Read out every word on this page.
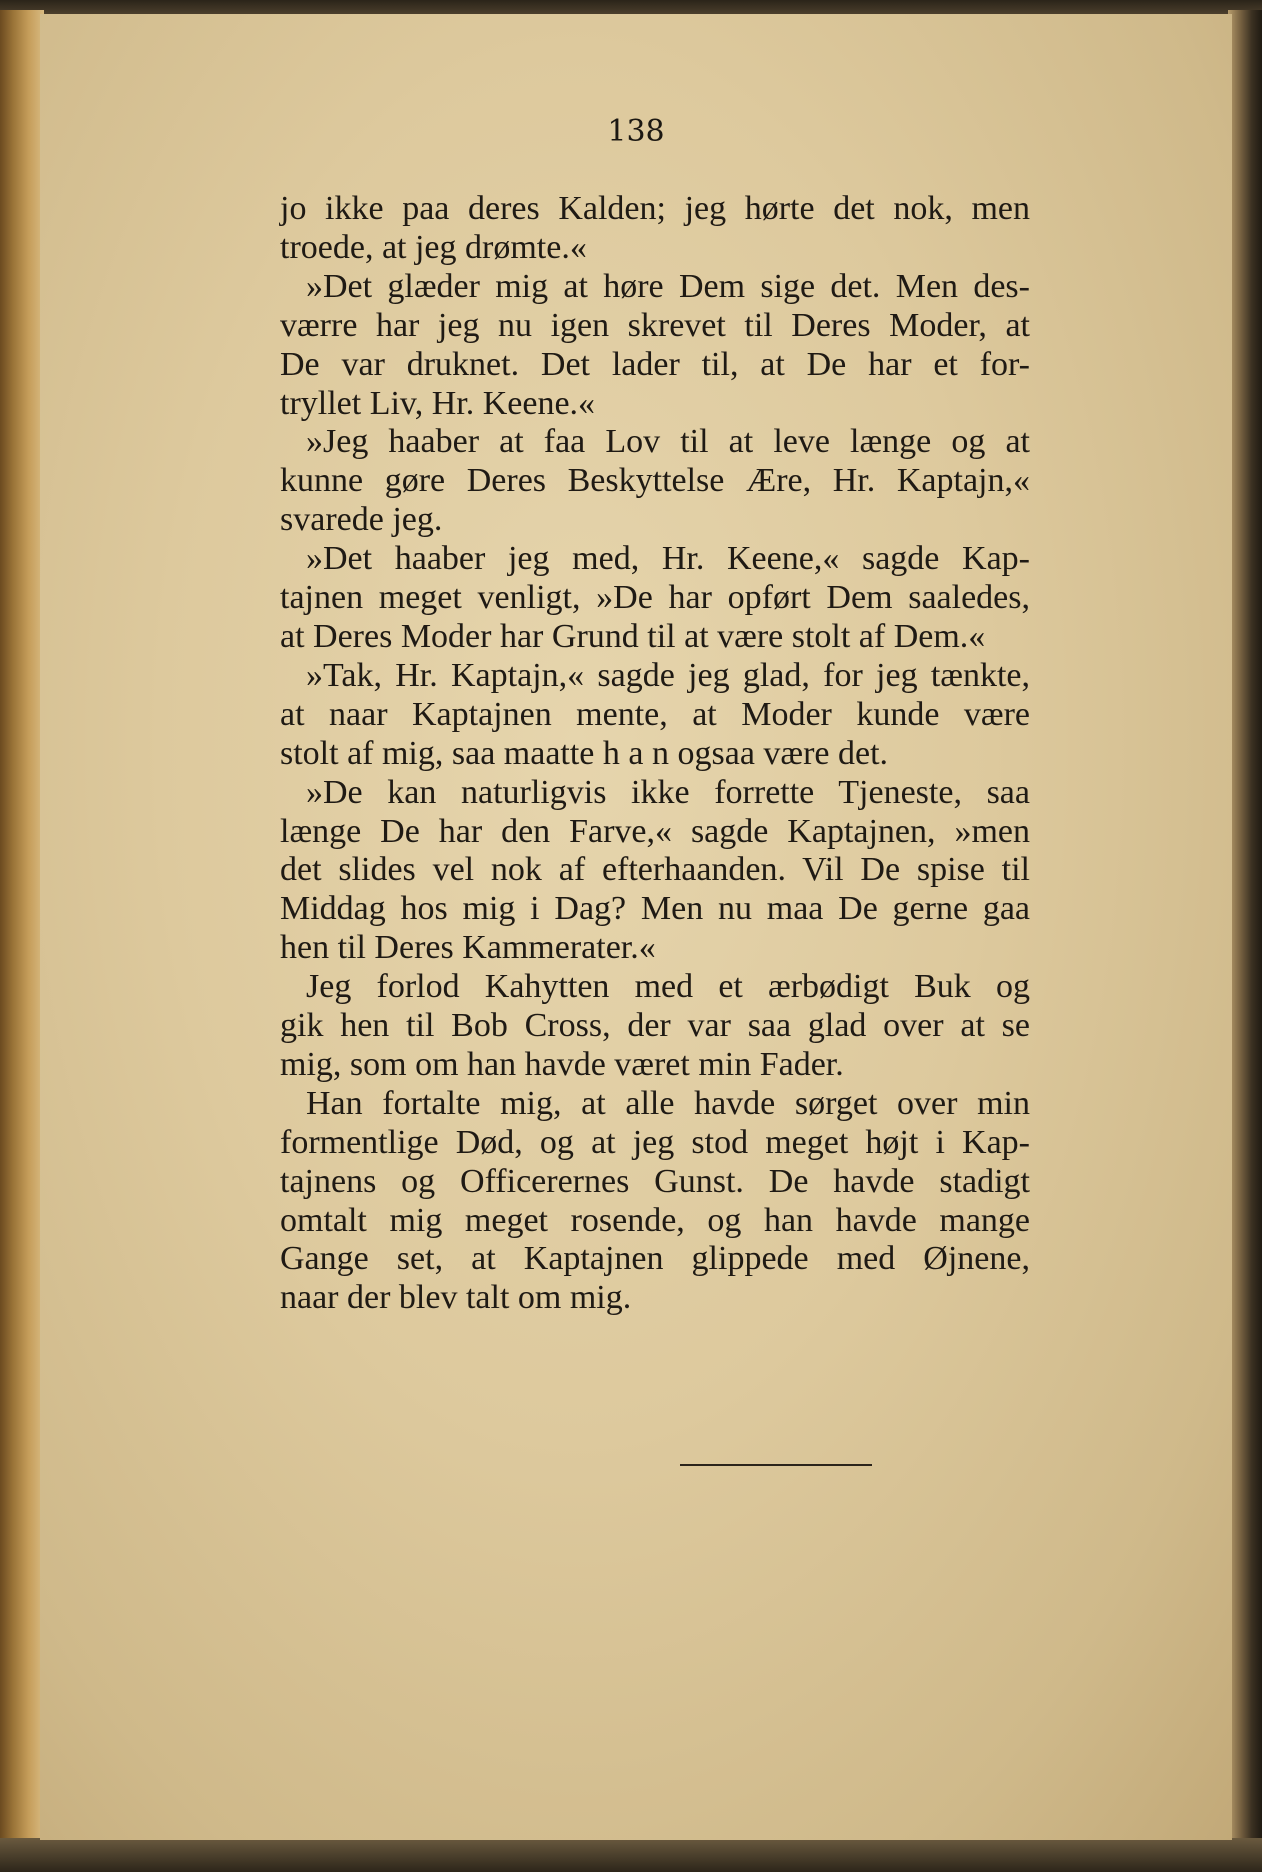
138

jo ikke paa deres Kalden; jeg hørte det nok, men
troede, at jeg drømte.«
»Det glæder mig at høre Dem sige det. Men des-
værre har jeg nu igen skrevet til Deres Moder, at
De var druknet. Det lader til, at De har et for-
tryllet Liv, Hr. Keene.«
»Jeg haaber at faa Lov til at leve længe og at
kunne gøre Deres Beskyttelse Ære, Hr. Kaptajn,«
svarede jeg.
»Det haaber jeg med, Hr. Keene,« sagde Kap-
tajnen meget venligt, »De har opført Dem saaledes,
at Deres Moder har Grund til at være stolt af Dem.«
»Tak, Hr. Kaptajn,« sagde jeg glad, for jeg tænkte,
at naar Kaptajnen mente, at Moder kunde være
stolt af mig, saa maatte h a n ogsaa være det.
»De kan naturligvis ikke forrette Tjeneste, saa
længe De har den Farve,« sagde Kaptajnen, »men
det slides vel nok af efterhaanden. Vil De spise til
Middag hos mig i Dag? Men nu maa De gerne gaa
hen til Deres Kammerater.«
Jeg forlod Kahytten med et ærbødigt Buk og
gik hen til Bob Cross, der var saa glad over at se
mig, som om han havde været min Fader.
Han fortalte mig, at alle havde sørget over min
formentlige Død, og at jeg stod meget højt i Kap-
tajnens og Officerernes Gunst. De havde stadigt
omtalt mig meget rosende, og han havde mange
Gange set, at Kaptajnen glippede med Øjnene,
naar der blev talt om mig.
